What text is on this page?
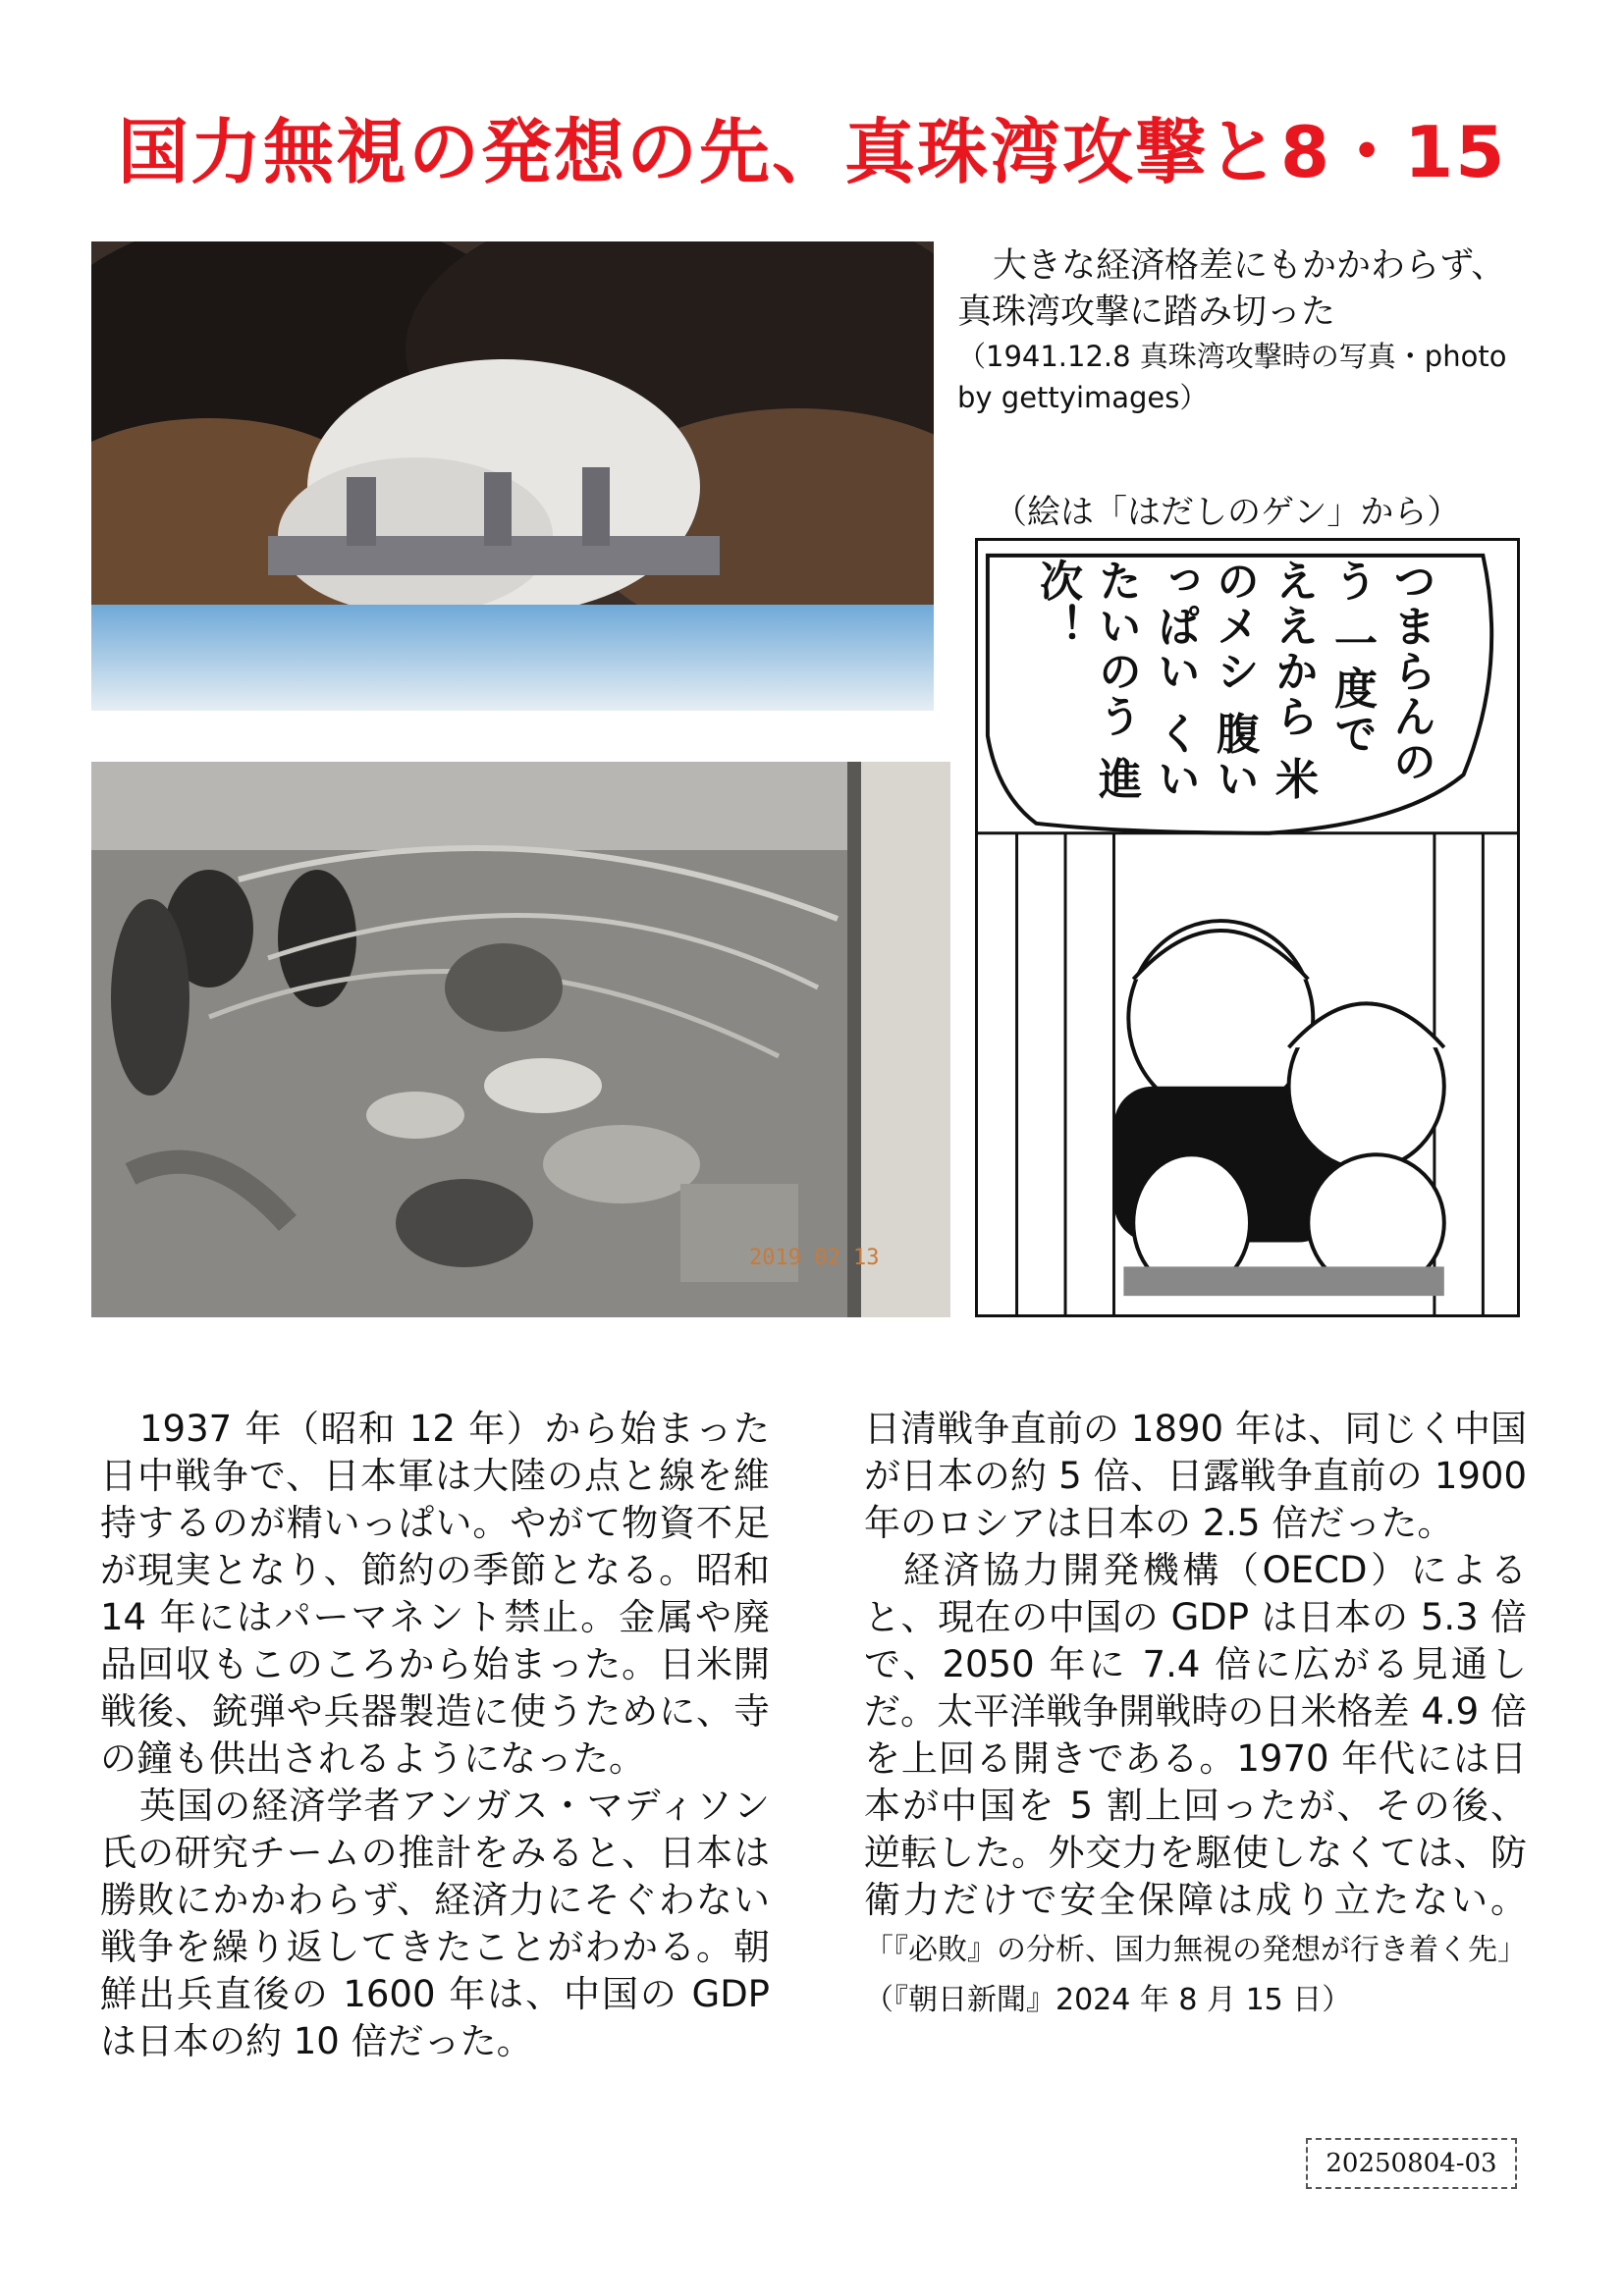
国力無視の発想の先、真珠湾攻撃と8・15
大きな経済格差にもかかわらず、真珠湾攻撃に踏み切った
（1941.12.8 真珠湾攻撃時の写真・photo by gettyimages）
2019 02 13
（絵は「はだしのゲン」から）
つまらんのう 一度で ええから 米のメシ 腹いっぱい くいたいのう 進次！

1937 年（昭和 12 年）から始まった日中戦争で、日本軍は大陸の点と線を維持するのが精いっぱい。やがて物資不足が現実となり、節約の季節となる。昭和 14 年にはパーマネント禁止。金属や廃品回収もこのころから始まった。日米開戦後、銃弾や兵器製造に使うために、寺の鐘も供出されるようになった。

英国の経済学者アンガス・マディソン氏の研究チームの推計をみると、日本は勝敗にかかわらず、経済力にそぐわない戦争を繰り返してきたことがわかる。朝鮮出兵直後の 1600 年は、中国の GDP は日本の約 10 倍だった。

日清戦争直前の 1890 年は、同じく中国が日本の約 5 倍、日露戦争直前の 1900 年のロシアは日本の 2.5 倍だった。

経済協力開発機構（OECD）によると、現在の中国の GDP は日本の 5.3 倍で、2050 年に 7.4 倍に広がる見通しだ。太平洋戦争開戦時の日米格差 4.9 倍を上回る開きである。1970 年代には日本が中国を 5 割上回ったが、その後、逆転した。外交力を駆使しなくては、防衛力だけで安全保障は成り立たない。「『必敗』の分析、国力無視の発想が行き着く先」（『朝日新聞』2024 年 8 月 15 日）

20250804-03
